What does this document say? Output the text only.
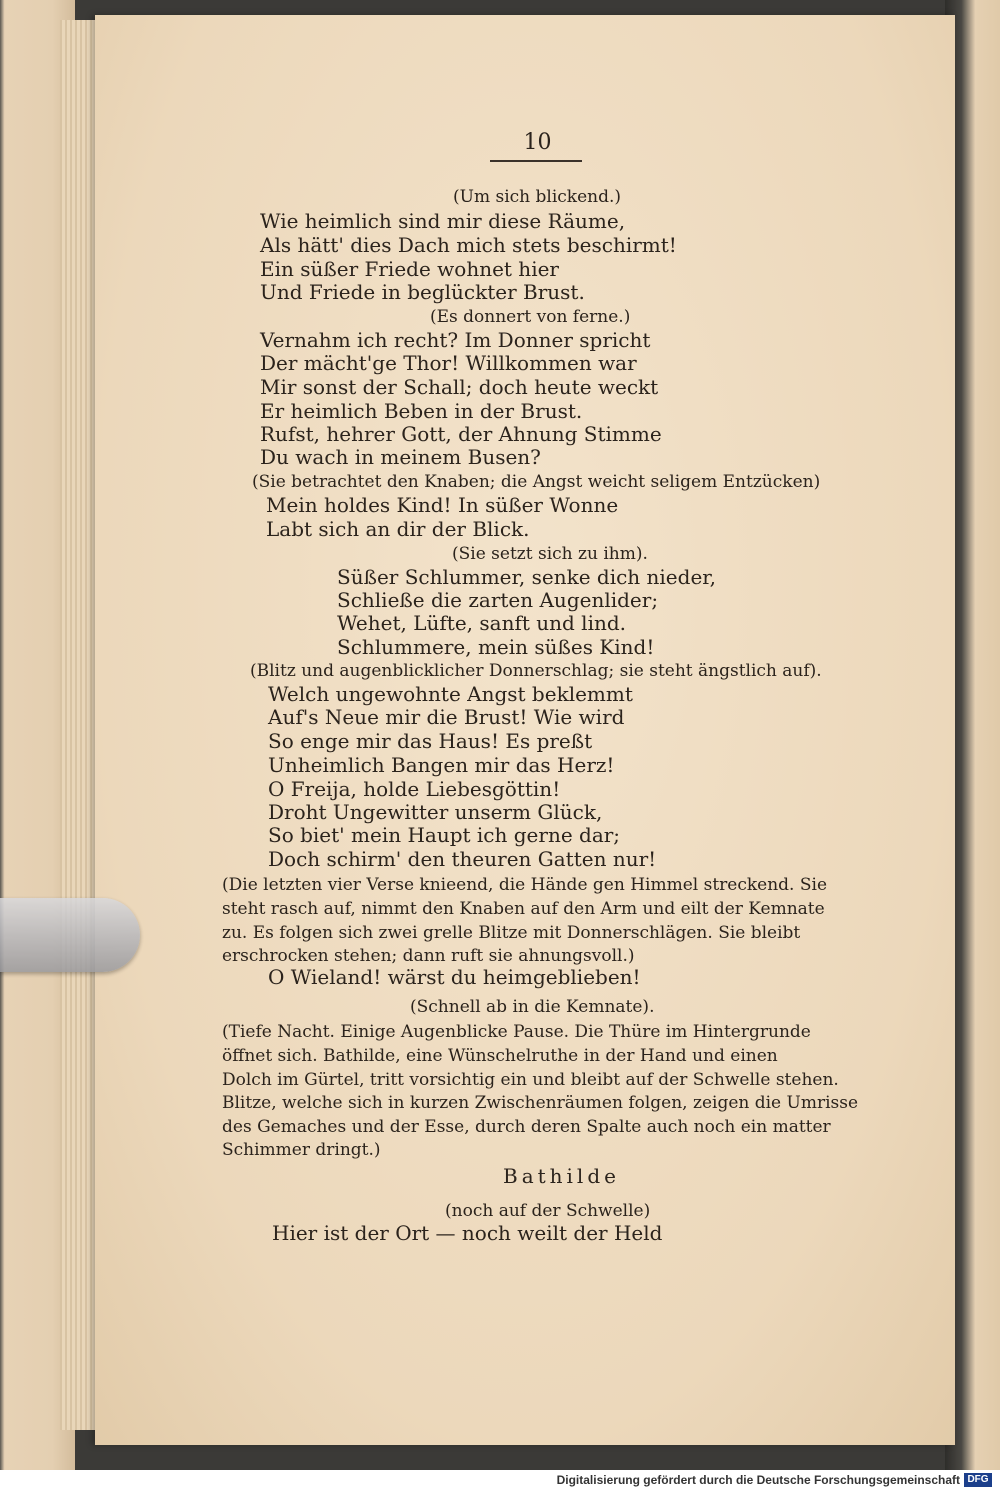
10
(Um sich blickend.)
Wie heimlich sind mir diese Räume,
Als hätt' dies Dach mich stets beschirmt!
Ein süßer Friede wohnet hier
Und Friede in beglückter Brust.
(Es donnert von ferne.)
Vernahm ich recht? Im Donner spricht
Der mächt'ge Thor! Willkommen war
Mir sonst der Schall; doch heute weckt
Er heimlich Beben in der Brust.
Rufst, hehrer Gott, der Ahnung Stimme
Du wach in meinem Busen?
(Sie betrachtet den Knaben; die Angst weicht seligem Entzücken)
Mein holdes Kind! In süßer Wonne
Labt sich an dir der Blick.
(Sie setzt sich zu ihm).
Süßer Schlummer, senke dich nieder,
Schließe die zarten Augenlider;
Wehet, Lüfte, sanft und lind.
Schlummere, mein süßes Kind!
(Blitz und augenblicklicher Donnerschlag; sie steht ängstlich auf).
Welch ungewohnte Angst beklemmt
Auf's Neue mir die Brust! Wie wird
So enge mir das Haus! Es preßt
Unheimlich Bangen mir das Herz!
O Freija, holde Liebesgöttin!
Droht Ungewitter unserm Glück,
So biet' mein Haupt ich gerne dar;
Doch schirm' den theuren Gatten nur!
(Die letzten vier Verse knieend, die Hände gen Himmel streckend. Sie
steht rasch auf, nimmt den Knaben auf den Arm und eilt der Kemnate
zu. Es folgen sich zwei grelle Blitze mit Donnerschlägen. Sie bleibt
erschrocken stehen; dann ruft sie ahnungsvoll.)
O Wieland! wärst du heimgeblieben!
(Schnell ab in die Kemnate).
(Tiefe Nacht. Einige Augenblicke Pause. Die Thüre im Hintergrunde
öffnet sich. Bathilde, eine Wünschelruthe in der Hand und einen
Dolch im Gürtel, tritt vorsichtig ein und bleibt auf der Schwelle stehen.
Blitze, welche sich in kurzen Zwischenräumen folgen, zeigen die Umrisse
des Gemaches und der Esse, durch deren Spalte auch noch ein matter
Schimmer dringt.)
Bathilde
(noch auf der Schwelle)
Hier ist der Ort — noch weilt der Held
Digitalisierung gefördert durch die Deutsche Forschungsgemeinschaft DFG
